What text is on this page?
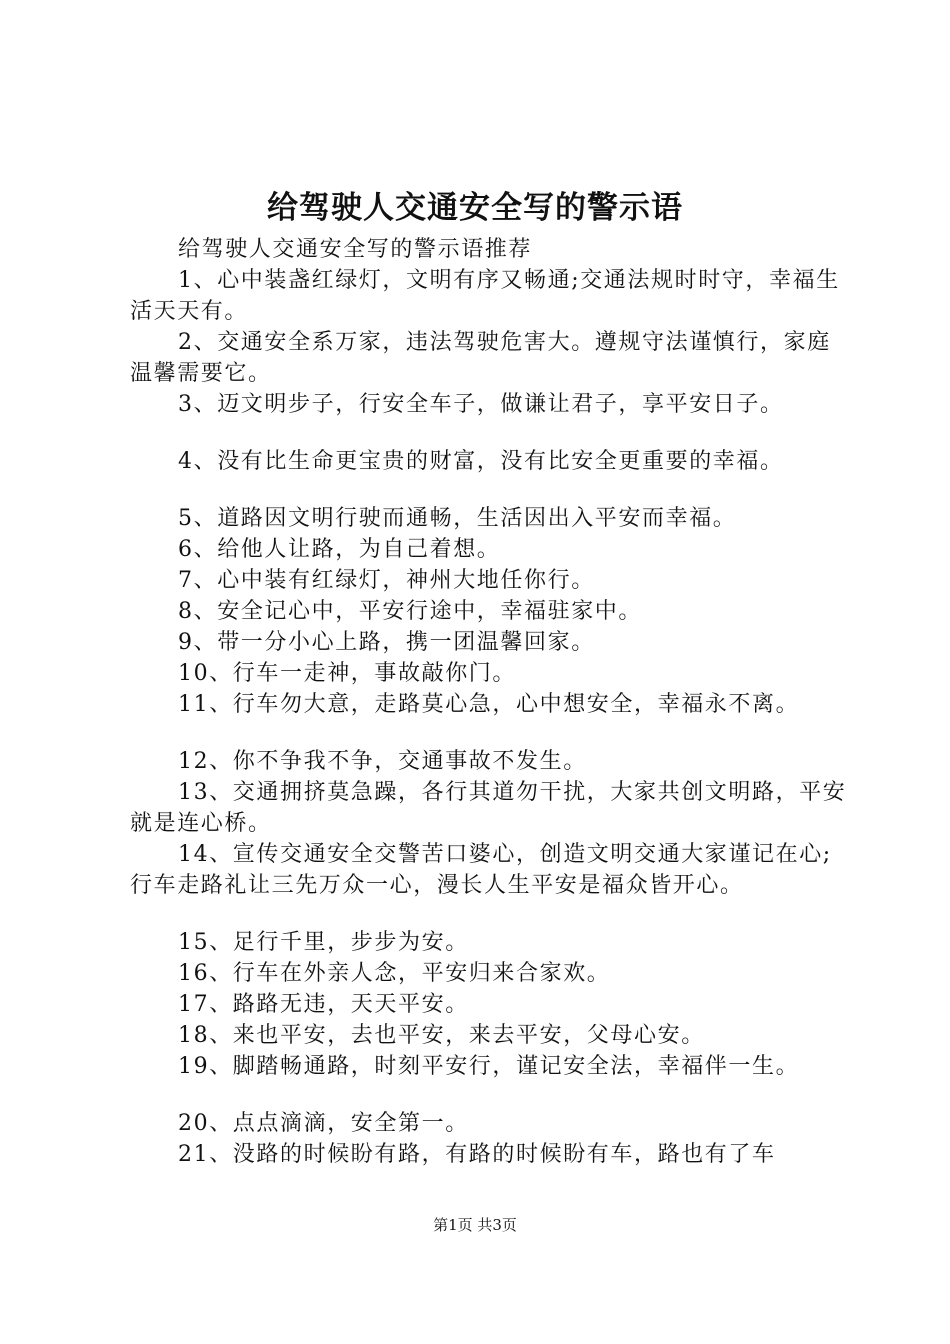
给驾驶人交通安全写的警示语

给驾驶人交通安全写的警示语推荐

1、心中装盏红绿灯，文明有序又畅通;交通法规时时守，幸福生活天天有。

2、交通安全系万家，违法驾驶危害大。遵规守法谨慎行，家庭温馨需要它。

3、迈文明步子，行安全车子，做谦让君子，享平安日子。

4、没有比生命更宝贵的财富，没有比安全更重要的幸福。

5、道路因文明行驶而通畅，生活因出入平安而幸福。

6、给他人让路，为自己着想。

7、心中装有红绿灯，神州大地任你行。

8、安全记心中，平安行途中，幸福驻家中。

9、带一分小心上路，携一团温馨回家。

10、行车一走神，事故敲你门。

11、行车勿大意，走路莫心急，心中想安全，幸福永不离。

12、你不争我不争，交通事故不发生。

13、交通拥挤莫急躁，各行其道勿干扰，大家共创文明路，平安就是连心桥。

14、宣传交通安全交警苦口婆心，创造文明交通大家谨记在心;行车走路礼让三先万众一心，漫长人生平安是福众皆开心。

15、足行千里，步步为安。

16、行车在外亲人念，平安归来合家欢。

17、路路无违，天天平安。

18、来也平安，去也平安，来去平安，父母心安。

19、脚踏畅通路，时刻平安行，谨记安全法，幸福伴一生。

20、点点滴滴，安全第一。

21、没路的时候盼有路，有路的时候盼有车，路也有了车

第1页 共3页
